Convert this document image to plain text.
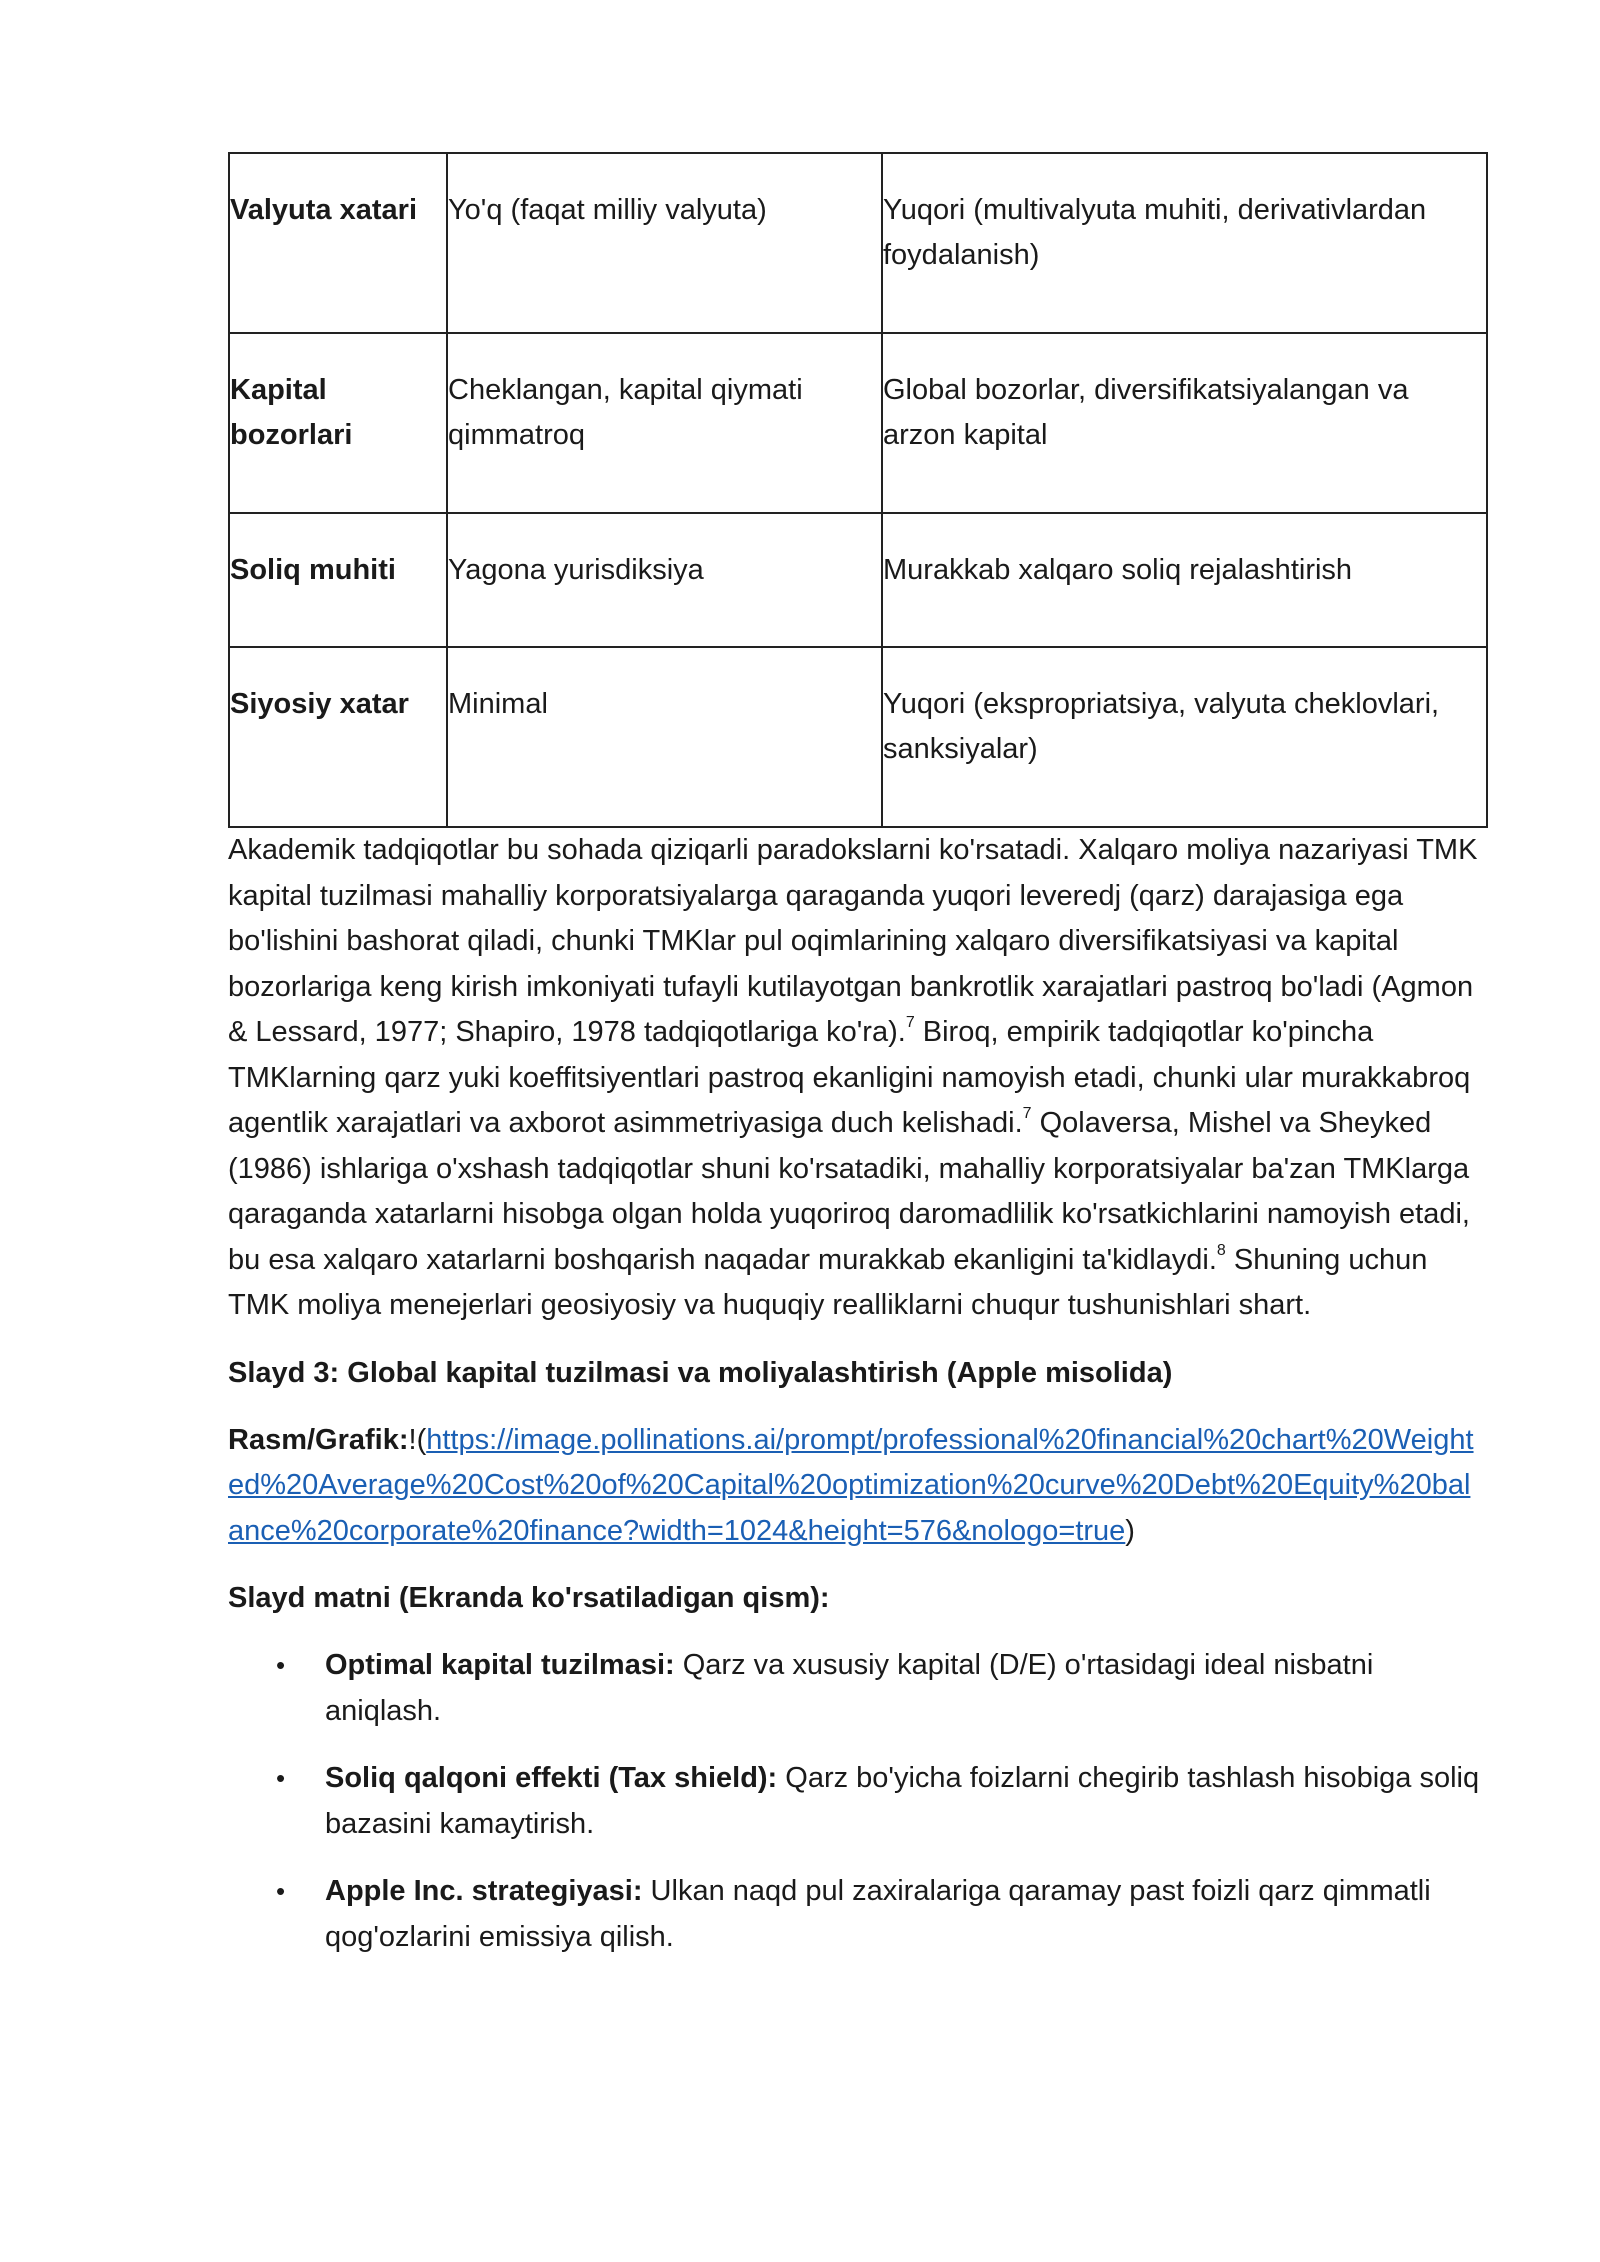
Valyuta xatari	Yo'q (faqat milliy valyuta)	Yuqori (multivalyuta muhiti, derivativlardan foydalanish)
Kapital bozorlari	Cheklangan, kapital qiymati qimmatroq	Global bozorlar, diversifikatsiyalangan va arzon kapital
Soliq muhiti	Yagona yurisdiksiya	Murakkab xalqaro soliq rejalashtirish
Siyosiy xatar	Minimal	Yuqori (ekspropriatsiya, valyuta cheklovlari, sanksiyalar)

Akademik tadqiqotlar bu sohada qiziqarli paradokslarni ko'rsatadi. Xalqaro moliya nazariyasi TMK kapital tuzilmasi mahalliy korporatsiyalarga qaraganda yuqori leveredj (qarz) darajasiga ega bo'lishini bashorat qiladi, chunki TMKlar pul oqimlarining xalqaro diversifikatsiyasi va kapital bozorlariga keng kirish imkoniyati tufayli kutilayotgan bankrotlik xarajatlari pastroq bo'ladi (Agmon & Lessard, 1977; Shapiro, 1978 tadqiqotlariga ko'ra).$^7$ Biroq, empirik tadqiqotlar ko'pincha TMKlarning qarz yuki koeffitsiyentlari pastroq ekanligini namoyish etadi, chunki ular murakkabroq agentlik xarajatlari va axborot asimmetriyasiga duch kelishadi.$^7$ Qolaversa, Mishel va Sheyked (1986) ishlariga o'xshash tadqiqotlar shuni ko'rsatadiki, mahalliy korporatsiyalar ba'zan TMKlarga qaraganda xatarlarni hisobga olgan holda yuqoriroq daromadlilik ko'rsatkichlarini namoyish etadi, bu esa xalqaro xatarlarni boshqarish naqadar murakkab ekanligini ta'kidlaydi.$^8$ Shuning uchun TMK moliya menejerlari geosiyosiy va huquqiy realliklarni chuqur tushunishlari shart.

Slayd 3: Global kapital tuzilmasi va moliyalashtirish (Apple misolida)

Rasm/Grafik:!(https://image.pollinations.ai/prompt/professional%20financial%20chart%20Weighted%20Average%20Cost%20of%20Capital%20optimization%20curve%20Debt%20Equity%20balance%20corporate%20finance?width=1024&height=576&nologo=true)

Slayd matni (Ekranda ko'rsatiladigan qism):

• Optimal kapital tuzilmasi: Qarz va xususiy kapital (D/E) o'rtasidagi ideal nisbatni aniqlash.
• Soliq qalqoni effekti (Tax shield): Qarz bo'yicha foizlarni chegirib tashlash hisobiga soliq bazasini kamaytirish.
• Apple Inc. strategiyasi: Ulkan naqd pul zaxiralariga qaramay past foizli qarz qimmatli qog'ozlarini emissiya qilish.
